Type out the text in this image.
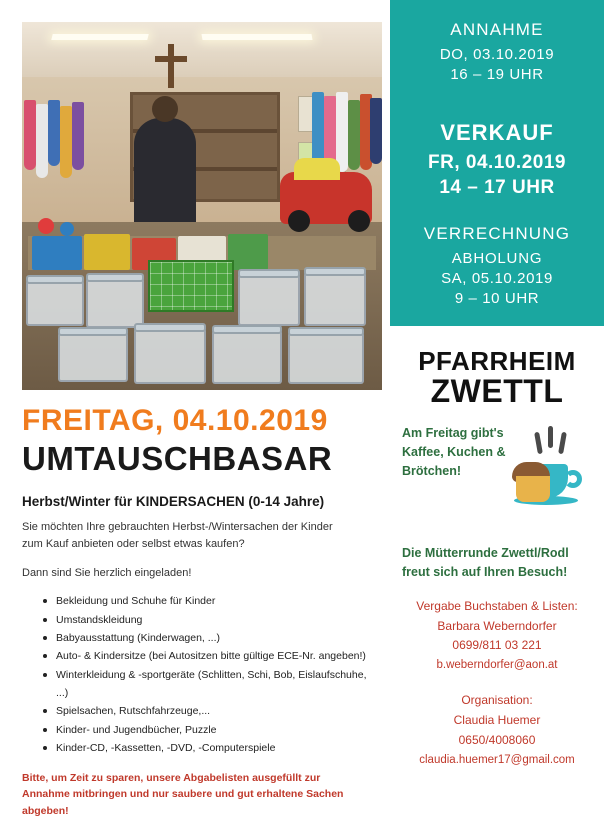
FREITAG, 04.10.2019
UMTAUSCHBASAR
Herbst/Winter für KINDERSACHEN (0-14 Jahre)

Sie möchten Ihre gebrauchten Herbst-/Wintersachen der Kinder zum Kauf anbieten oder selbst etwas kaufen?

Dann sind Sie herzlich eingeladen!

Bekleidung und Schuhe für Kinder
Umstandskleidung
Babyausstattung (Kinderwagen, ...)
Auto- & Kindersitze (bei Autositzen bitte gültige ECE-Nr. angeben!)
Winterkleidung & -sportgeräte (Schlitten, Schi, Bob, Eislaufschuhe, ...)
Spielsachen, Rutschfahrzeuge,...
Kinder- und Jugendbücher, Puzzle
Kinder-CD, -Kassetten, -DVD, -Computerspiele

Bitte, um Zeit zu sparen, unsere Abgabelisten ausgefüllt zur Annahme mitbringen und nur saubere und gut erhaltene Sachen abgeben!

ANNAHME
DO, 03.10.2019
16 – 19 UHR
VERKAUF
FR, 04.10.2019
14 – 17 UHR
VERRECHNUNG
ABHOLUNG
SA, 05.10.2019
9 – 10 UHR
PFARRHEIM
ZWETTL
Am Freitag gibt's Kaffee, Kuchen & Brötchen!
Die Mütterrunde Zwettl/Rodl freut sich auf Ihren Besuch!
Vergabe Buchstaben & Listen:
Barbara Weberndorfer
0699/811 03 221
b.weberndorfer@aon.at
Organisation:
Claudia Huemer
0650/4008060
claudia.huemer17@gmail.com
